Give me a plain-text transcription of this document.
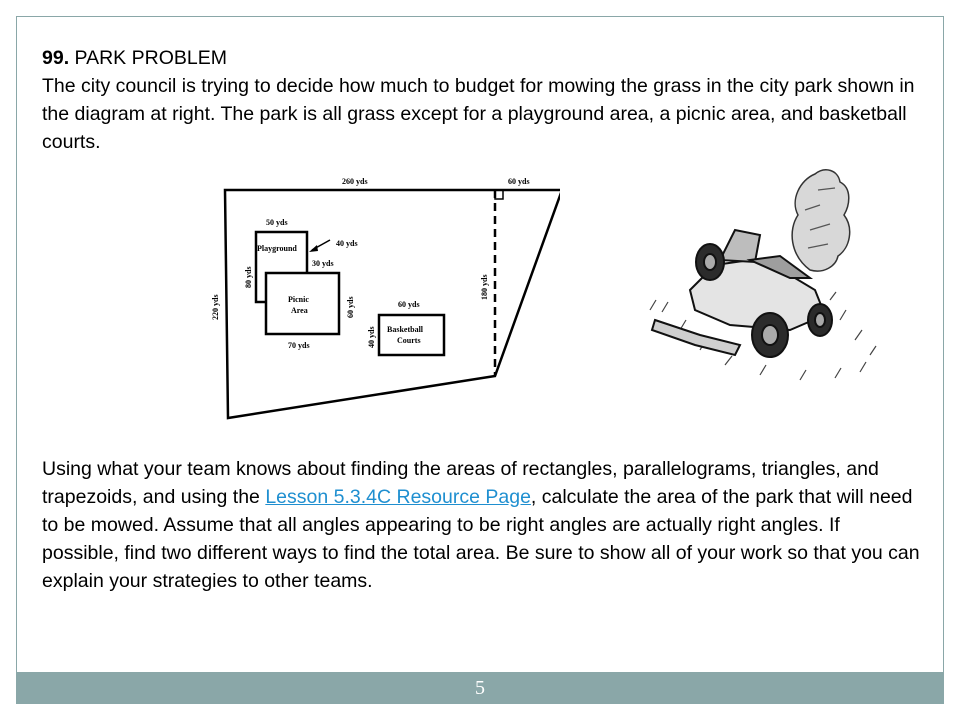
99. PARK PROBLEM
The city council is trying to decide how much to budget for mowing the grass in the city park shown in the diagram at right. The park is all grass except for a playground area, a picnic area, and basketball courts.
260 yds	60 yds
220 yds
180 yds
Playground
50 yds
80 yds
40 yds
Picnic
Area
30 yds
60 yds
70 yds
Basketball
Courts
60 yds
40 yds
Using what your team knows about finding the areas of rectangles, parallelograms, triangles, and trapezoids, and using the Lesson 5.3.4C Resource Page, calculate the area of the park that will need to be mowed. Assume that all angles appearing to be right angles are actually right angles. If possible, find two different ways to find the total area. Be sure to show all of your work so that you can explain your strategies to other teams.
5
